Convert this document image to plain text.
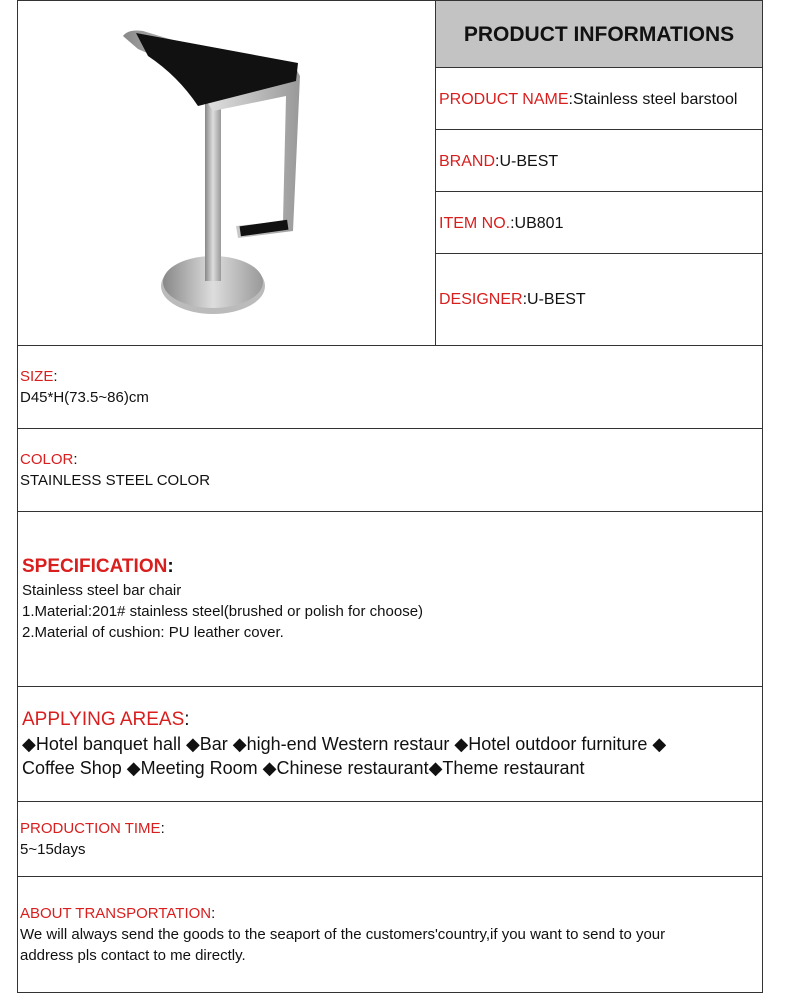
PRODUCT INFORMATIONS
PRODUCT NAME:Stainless steel barstool
BRAND:U-BEST
ITEM NO.:UB801
DESIGNER:U-BEST
SIZE:
D45*H(73.5~86)cm
COLOR:
STAINLESS STEEL COLOR
SPECIFICATION:
Stainless steel bar chair
1.Material:201# stainless steel(brushed or polish for choose)
2.Material of cushion: PU leather cover.
APPLYING AREAS:
◆Hotel banquet hall ◆Bar ◆high-end Western restaur ◆Hotel outdoor furniture ◆
Coffee Shop ◆Meeting Room ◆Chinese restaurant◆Theme restaurant
PRODUCTION TIME:
5~15days
ABOUT TRANSPORTATION:
We will always send the goods to the seaport of the customers'country,if you want to send to your
address pls contact to me directly.
